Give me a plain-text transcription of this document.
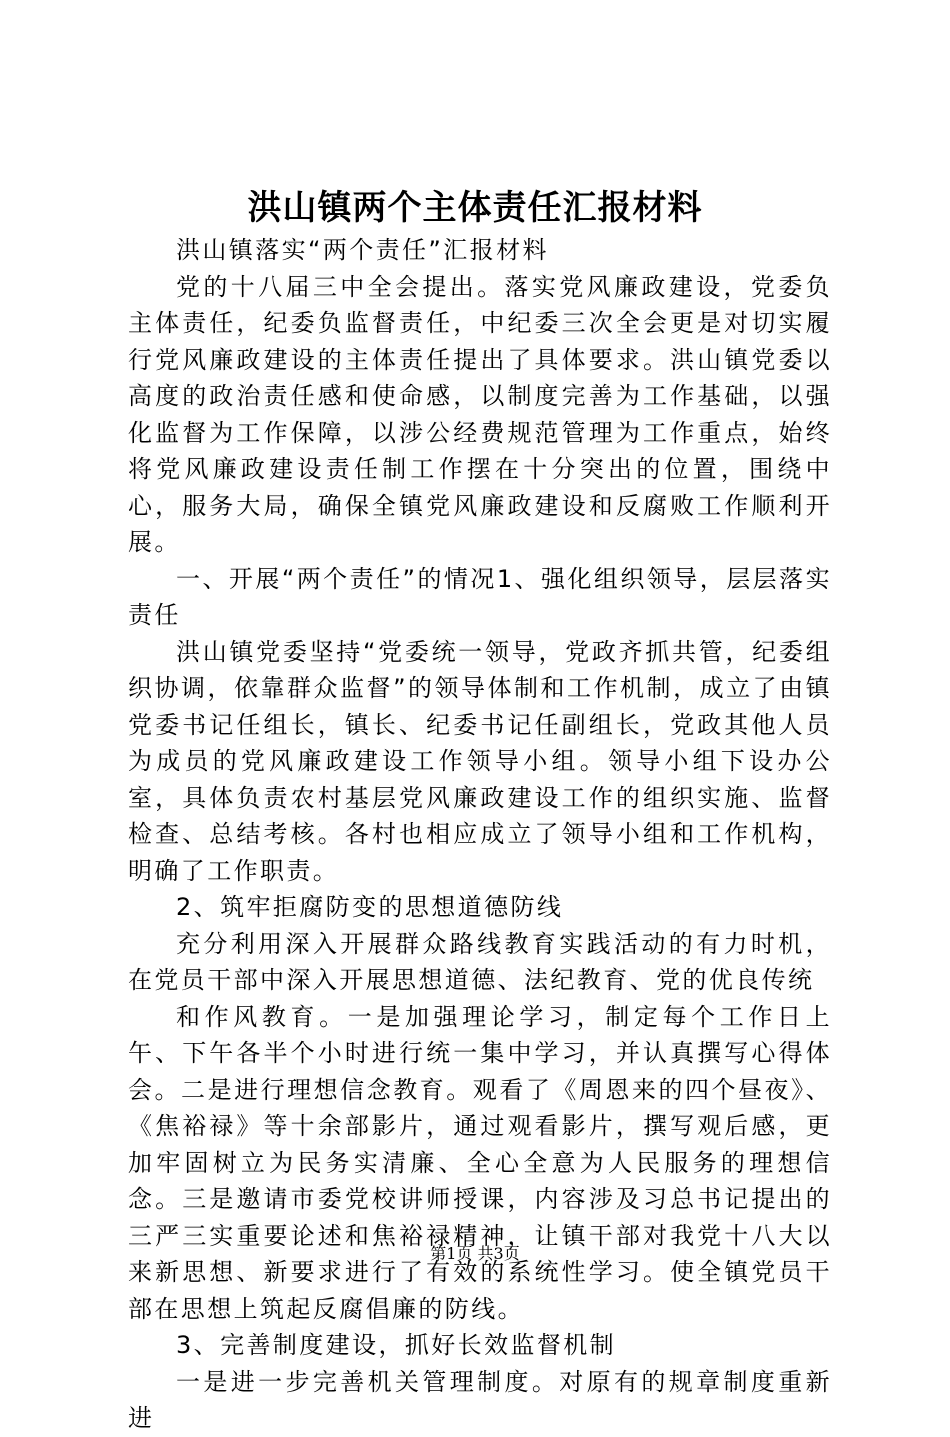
洪山镇两个主体责任汇报材料

洪山镇落实“两个责任”汇报材料

党的十八届三中全会提出。落实党风廉政建设，党委负主体责任，纪委负监督责任，中纪委三次全会更是对切实履行党风廉政建设的主体责任提出了具体要求。洪山镇党委以高度的政治责任感和使命感，以制度完善为工作基础，以强化监督为工作保障，以涉公经费规范管理为工作重点，始终将党风廉政建设责任制工作摆在十分突出的位置，围绕中心，服务大局，确保全镇党风廉政建设和反腐败工作顺利开展。

一、开展“两个责任”的情况1、强化组织领导，层层落实责任

洪山镇党委坚持“党委统一领导，党政齐抓共管，纪委组织协调，依靠群众监督”的领导体制和工作机制，成立了由镇党委书记任组长，镇长、纪委书记任副组长，党政其他人员为成员的党风廉政建设工作领导小组。领导小组下设办公室，具体负责农村基层党风廉政建设工作的组织实施、监督检查、总结考核。各村也相应成立了领导小组和工作机构，明确了工作职责。

2、筑牢拒腐防变的思想道德防线

充分利用深入开展群众路线教育实践活动的有力时机，在党员干部中深入开展思想道德、法纪教育、党的优良传统

和作风教育。一是加强理论学习，制定每个工作日上午、下午各半个小时进行统一集中学习，并认真撰写心得体会。二是进行理想信念教育。观看了《周恩来的四个昼夜》、《焦裕禄》等十余部影片，通过观看影片，撰写观后感，更加牢固树立为民务实清廉、全心全意为人民服务的理想信念。三是邀请市委党校讲师授课，内容涉及习总书记提出的三严三实重要论述和焦裕禄精神，让镇干部对我党十八大以来新思想、新要求进行了有效的系统性学习。使全镇党员干部在思想上筑起反腐倡廉的防线。

3、完善制度建设，抓好长效监督机制

一是进一步完善机关管理制度。对原有的规章制度重新进

第1页 共3页
